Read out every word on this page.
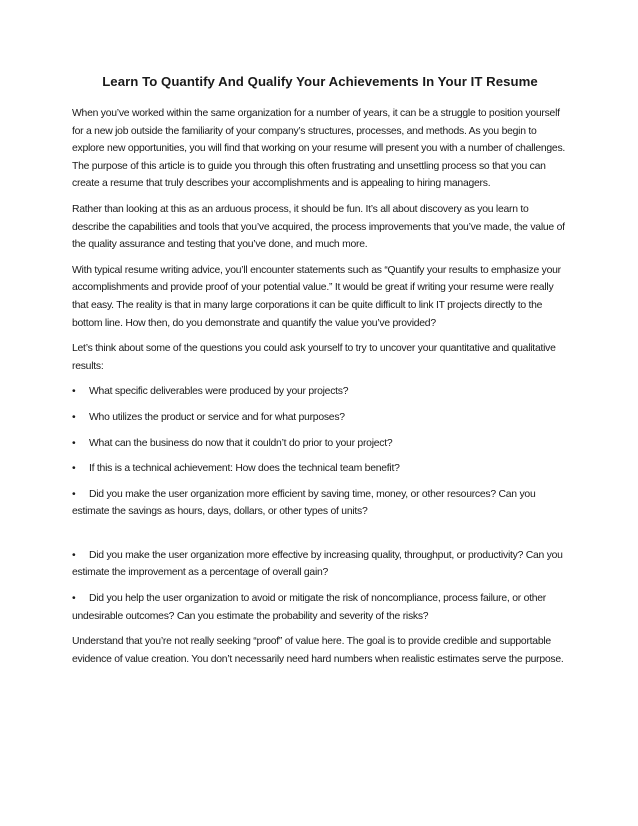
Learn To Quantify And Qualify Your Achievements In Your IT Resume

When you’ve worked within the same organization for a number of years, it can be a struggle to position yourself for a new job outside the familiarity of your company’s structures, processes, and methods. As you begin to explore new opportunities, you will find that working on your resume will present you with a number of challenges. The purpose of this article is to guide you through this often frustrating and unsettling process so that you can create a resume that truly describes your accomplishments and is appealing to hiring managers.

Rather than looking at this as an arduous process, it should be fun. It’s all about discovery as you learn to describe the capabilities and tools that you’ve acquired, the process improvements that you’ve made, the value of the quality assurance and testing that you’ve done, and much more.

With typical resume writing advice, you’ll encounter statements such as “Quantify your results to emphasize your accomplishments and provide proof of your potential value.” It would be great if writing your resume were really that easy. The reality is that in many large corporations it can be quite difficult to link IT projects directly to the bottom line. How then, do you demonstrate and quantify the value you’ve provided?

Let’s think about some of the questions you could ask yourself to try to uncover your quantitative and qualitative results:

• What specific deliverables were produced by your projects?

• Who utilizes the product or service and for what purposes?

• What can the business do now that it couldn’t do prior to your project?

• If this is a technical achievement: How does the technical team benefit?

• Did you make the user organization more efficient by saving time, money, or other resources? Can you estimate the savings as hours, days, dollars, or other types of units?

• Did you make the user organization more effective by increasing quality, throughput, or productivity? Can you estimate the improvement as a percentage of overall gain?

• Did you help the user organization to avoid or mitigate the risk of noncompliance, process failure, or other undesirable outcomes? Can you estimate the probability and severity of the risks?

Understand that you’re not really seeking “proof” of value here. The goal is to provide credible and supportable evidence of value creation. You don’t necessarily need hard numbers when realistic estimates serve the purpose.
